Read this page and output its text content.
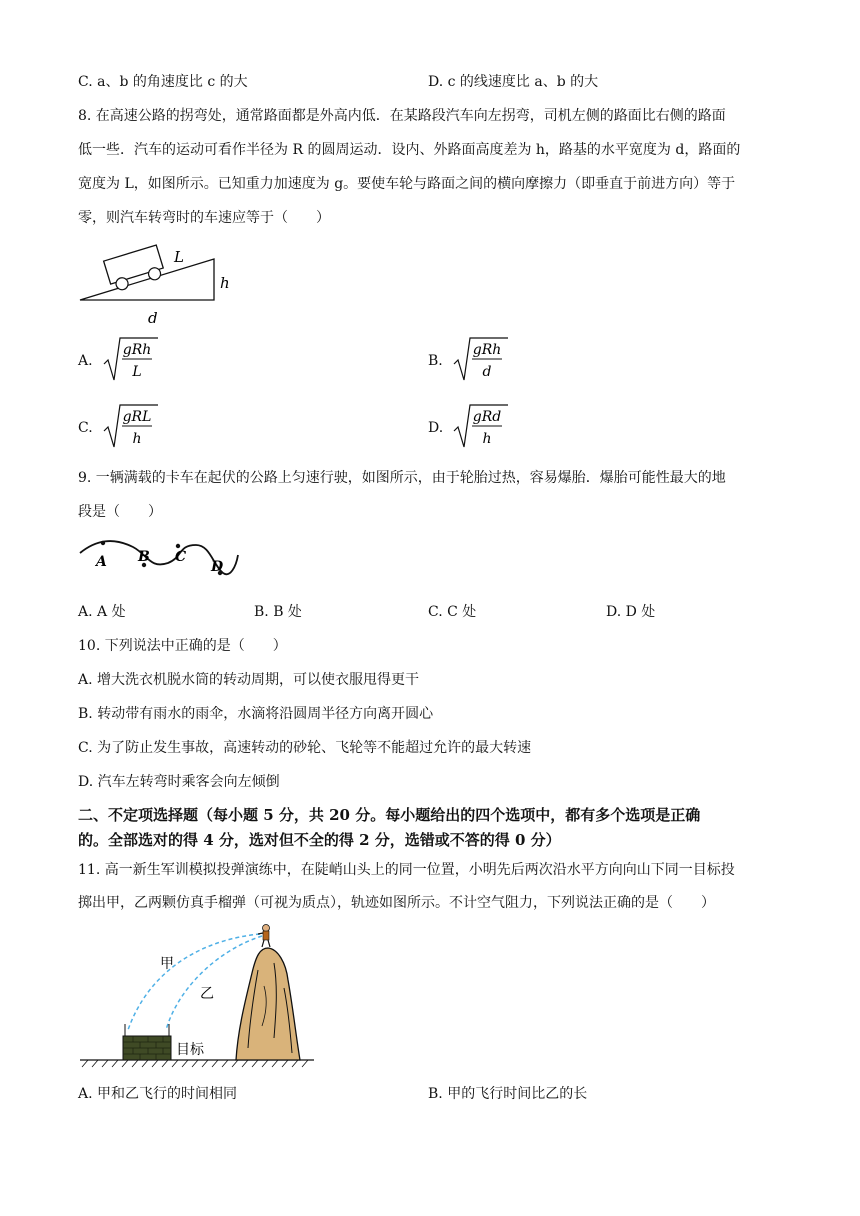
C. a、b 的角速度比 c 的大	D. c 的线速度比 a、b 的大
8. 在高速公路的拐弯处，通常路面都是外高内低．在某路段汽车向左拐弯，司机左侧的路面比右侧的路面
低一些．汽车的运动可看作半径为 R 的圆周运动．设内、外路面高度差为 h，路基的水平宽度为 d，路面的
宽度为 L，如图所示。已知重力加速度为 g。要使车轮与路面之间的横向摩擦力（即垂直于前进方向）等于
零，则汽车转弯时的车速应等于（　　）
L
h
d
A.
gRh
L
B.
gRh
d
C.
gRL
h
D.
gRd
h
9. 一辆满载的卡车在起伏的公路上匀速行驶，如图所示，由于轮胎过热，容易爆胎．爆胎可能性最大的地
段是（　　）
A B C
D
A. A 处	B. B 处	C. C 处	D. D 处
10. 下列说法中正确的是（　　）
A. 增大洗衣机脱水筒的转动周期，可以使衣服甩得更干
B. 转动带有雨水的雨伞，水滴将沿圆周半径方向离开圆心
C. 为了防止发生事故，高速转动的砂轮、飞轮等不能超过允许的最大转速
D. 汽车左转弯时乘客会向左倾倒
二、不定项选择题（每小题 5 分，共 20 分。每小题给出的四个选项中，都有多个选项是正确
的。全部选对的得 4 分，选对但不全的得 2 分，选错或不答的得 0 分）
11. 高一新生军训模拟投弹演练中，在陡峭山头上的同一位置，小明先后两次沿水平方向向山下同一目标投
掷出甲，乙两颗仿真手榴弹（可视为质点），轨迹如图所示。不计空气阻力，下列说法正确的是（　　）
甲
乙
目标
A. 甲和乙飞行的时间相同	B. 甲的飞行时间比乙的长
